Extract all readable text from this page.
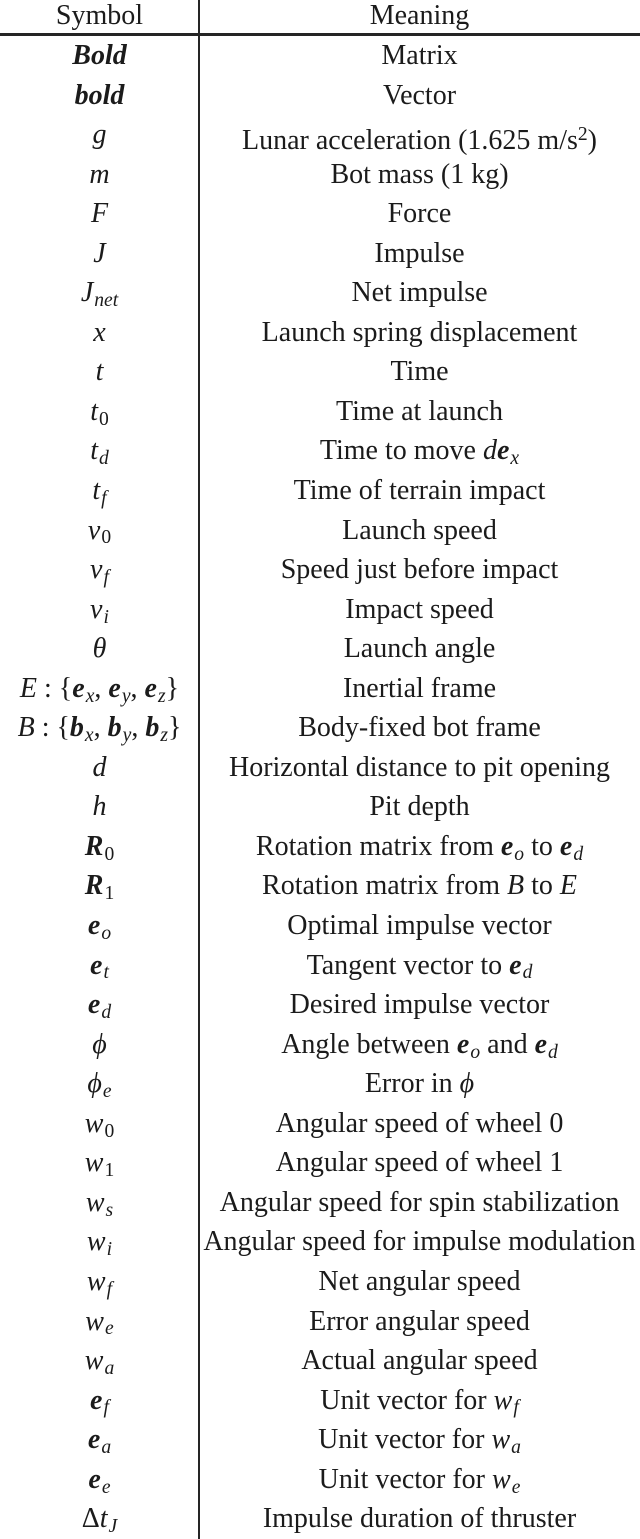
Symbol	Meaning
Bold	Matrix
bold	Vector
g	Lunar acceleration (1.625 $m/s^2$)
m	Bot mass (1 kg)
F	Force
J	Impulse
$J_{net}$	Net impulse
x	Launch spring displacement
t	Time
$t_0$	Time at launch
$t_d$	Time to move $de_x$
$t_f$	Time of terrain impact
$v_0$	Launch speed
$v_f$	Speed just before impact
$v_i$	Impact speed
θ	Launch angle
E : {$e_x$, $e_y$, $e_z$}	Inertial frame
B : {$b_x$, $b_y$, $b_z$}	Body-fixed bot frame
d	Horizontal distance to pit opening
h	Pit depth
$R_0$	Rotation matrix from $e_o$ to $e_d$
$R_1$	Rotation matrix from B to E
$e_o$	Optimal impulse vector
$e_t$	Tangent vector to $e_d$
$e_d$	Desired impulse vector
ϕ	Angle between $e_o$ and $e_d$
$\phi_e$	Error in ϕ
$w_0$	Angular speed of wheel 0
$w_1$	Angular speed of wheel 1
$w_s$	Angular speed for spin stabilization
$w_i$	Angular speed for impulse modulation
$w_f$	Net angular speed
$w_e$	Error angular speed
$w_a$	Actual angular speed
$e_f$	Unit vector for $w_f$
$e_a$	Unit vector for $w_a$
$e_e$	Unit vector for $w_e$
$\Delta t_J$	Impulse duration of thruster
